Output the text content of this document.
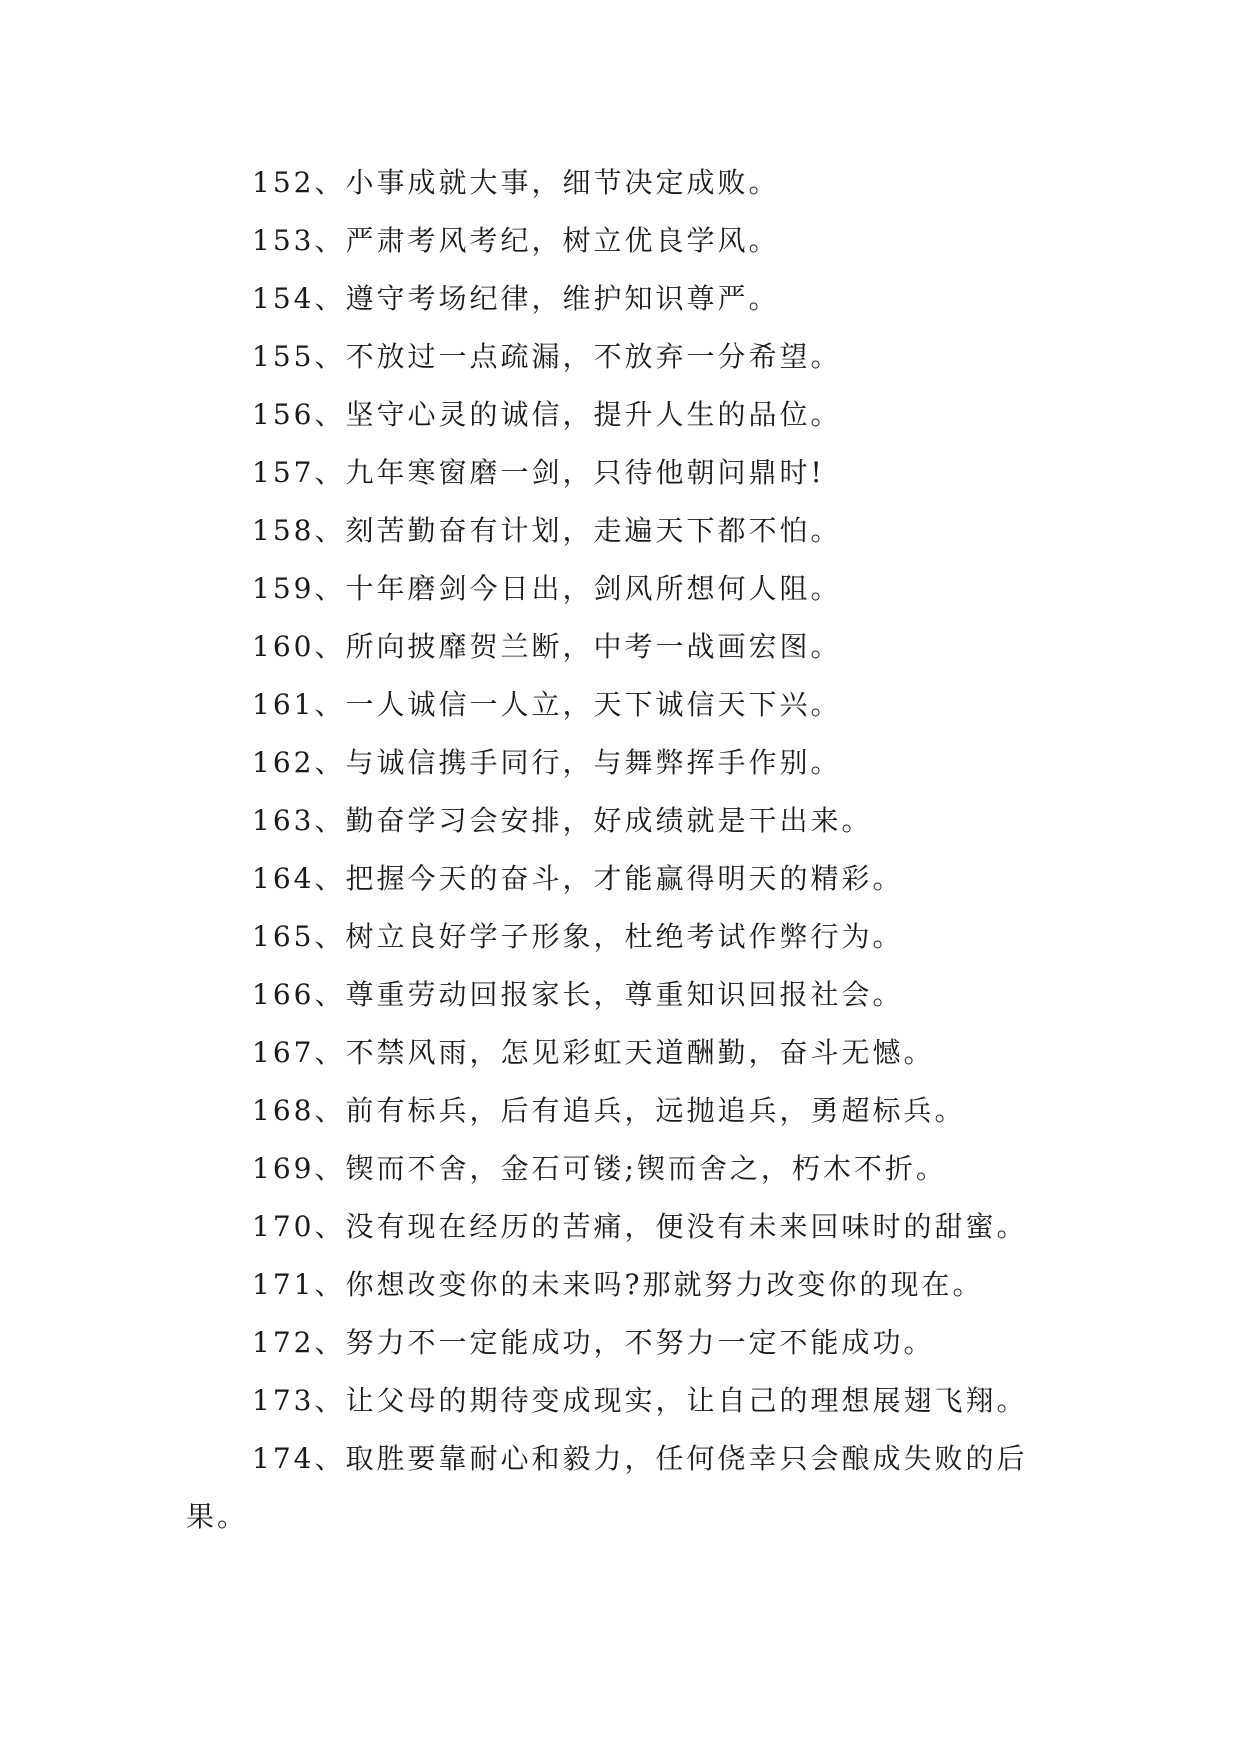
152、小事成就大事，细节决定成败。

153、严肃考风考纪，树立优良学风。

154、遵守考场纪律，维护知识尊严。

155、不放过一点疏漏，不放弃一分希望。

156、坚守心灵的诚信，提升人生的品位。

157、九年寒窗磨一剑，只待他朝问鼎时!

158、刻苦勤奋有计划，走遍天下都不怕。

159、十年磨剑今日出，剑风所想何人阻。

160、所向披靡贺兰断，中考一战画宏图。

161、一人诚信一人立，天下诚信天下兴。

162、与诚信携手同行，与舞弊挥手作别。

163、勤奋学习会安排，好成绩就是干出来。

164、把握今天的奋斗，才能赢得明天的精彩。

165、树立良好学子形象，杜绝考试作弊行为。

166、尊重劳动回报家长，尊重知识回报社会。

167、不禁风雨，怎见彩虹天道酬勤，奋斗无憾。

168、前有标兵，后有追兵，远抛追兵，勇超标兵。

169、锲而不舍，金石可镂;锲而舍之，朽木不折。

170、没有现在经历的苦痛，便没有未来回味时的甜蜜。

171、你想改变你的未来吗?那就努力改变你的现在。

172、努力不一定能成功，不努力一定不能成功。

173、让父母的期待变成现实，让自己的理想展翅飞翔。

174、取胜要靠耐心和毅力，任何侥幸只会酿成失败的后果。
